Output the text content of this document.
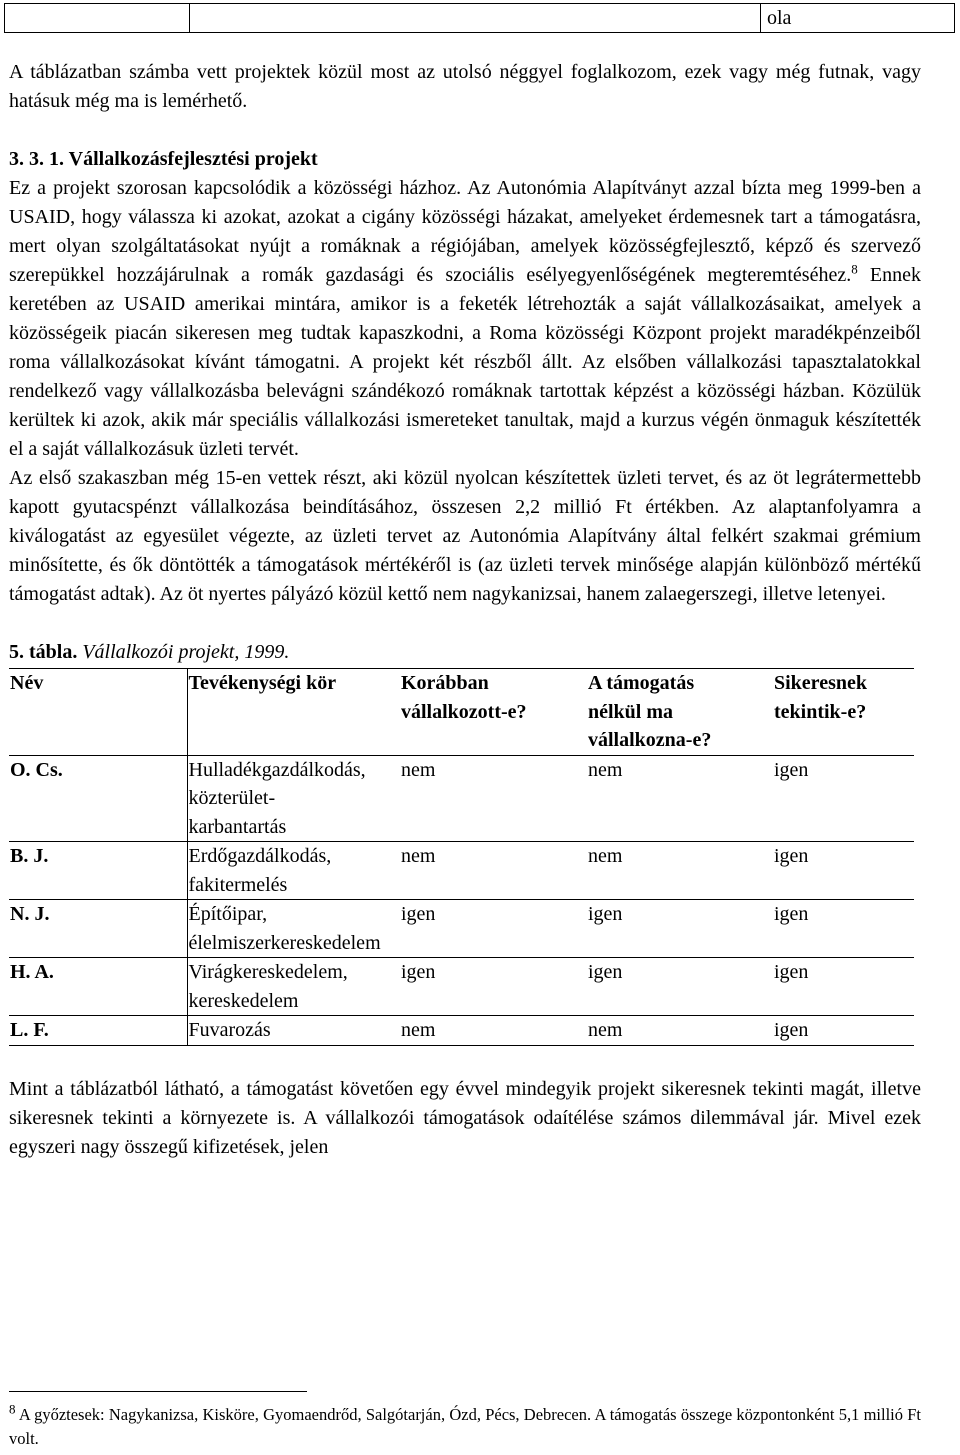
		ola

A táblázatban számba vett projektek közül most az utolsó néggyel foglalkozom, ezek vagy még futnak, vagy hatásuk még ma is lemérhető.

3. 3. 1. Vállalkozásfejlesztési projekt

Ez a projekt szorosan kapcsolódik a közösségi házhoz. Az Autonómia Alapítványt azzal bízta meg 1999-ben a USAID, hogy válassza ki azokat, azokat a cigány közösségi házakat, amelyeket érdemesnek tart a támogatásra, mert olyan szolgáltatásokat nyújt a romáknak a régiójában, amelyek közösségfejlesztő, képző és szervező szerepükkel hozzájárulnak a romák gazdasági és szociális esélyegyenlőségének megteremtéséhez.$^8$ Ennek keretében az USAID amerikai mintára, amikor is a feketék létrehozták a saját vállalkozásaikat, amelyek a közösségeik piacán sikeresen meg tudtak kapaszkodni, a Roma közösségi Központ projekt maradékpénzeiből roma vállalkozásokat kívánt támogatni. A projekt két részből állt. Az elsőben vállalkozási tapasztalatokkal rendelkező vagy vállalkozásba belevágni szándékozó romáknak tartottak képzést a közösségi házban. Közülük kerültek ki azok, akik már speciális vállalkozási ismereteket tanultak, majd a kurzus végén önmaguk készítették el a saját vállalkozásuk üzleti tervét.

Az első szakaszban még 15-en vettek részt, aki közül nyolcan készítettek üzleti tervet, és az öt legrátermettebb kapott gyutacspénzt vállalkozása beindításához, összesen 2,2 millió Ft értékben. Az alaptanfolyamra a kiválogatást az egyesület végezte, az üzleti tervet az Autonómia Alapítvány által felkért szakmai grémium minősítette, és ők döntötték a támogatások mértékéről is (az üzleti tervek minősége alapján különböző mértékű támogatást adtak). Az öt nyertes pályázó közül kettő nem nagykanizsai, hanem zalaegerszegi, illetve letenyei.

5. tábla. Vállalkozói projekt, 1999.

Név	Tevékenységi kör	Korábban vállalkozott-e?	A támogatás nélkül ma vállalkozna-e?	Sikeresnek tekintik-e?
O. Cs.	Hulladékgazdálkodás, közterület-karbantartás	nem	nem	igen
B. J.	Erdőgazdálkodás, fakitermelés	nem	nem	igen
N. J.	Építőipar, élelmiszerkereskedelem	igen	igen	igen
H. A.	Virágkereskedelem, kereskedelem	igen	igen	igen
L. F.	Fuvarozás	nem	nem	igen

Mint a táblázatból látható, a támogatást követően egy évvel mindegyik projekt sikeresnek tekinti magát, illetve sikeresnek tekinti a környezete is. A vállalkozói támogatások odaítélése számos dilemmával jár. Mivel ezek egyszeri nagy összegű kifizetések, jelen

$^8$ A győztesek: Nagykanizsa, Kisköre, Gyomaendrőd, Salgótarján, Ózd, Pécs, Debrecen. A támogatás összege központonként 5,1 millió Ft volt.
